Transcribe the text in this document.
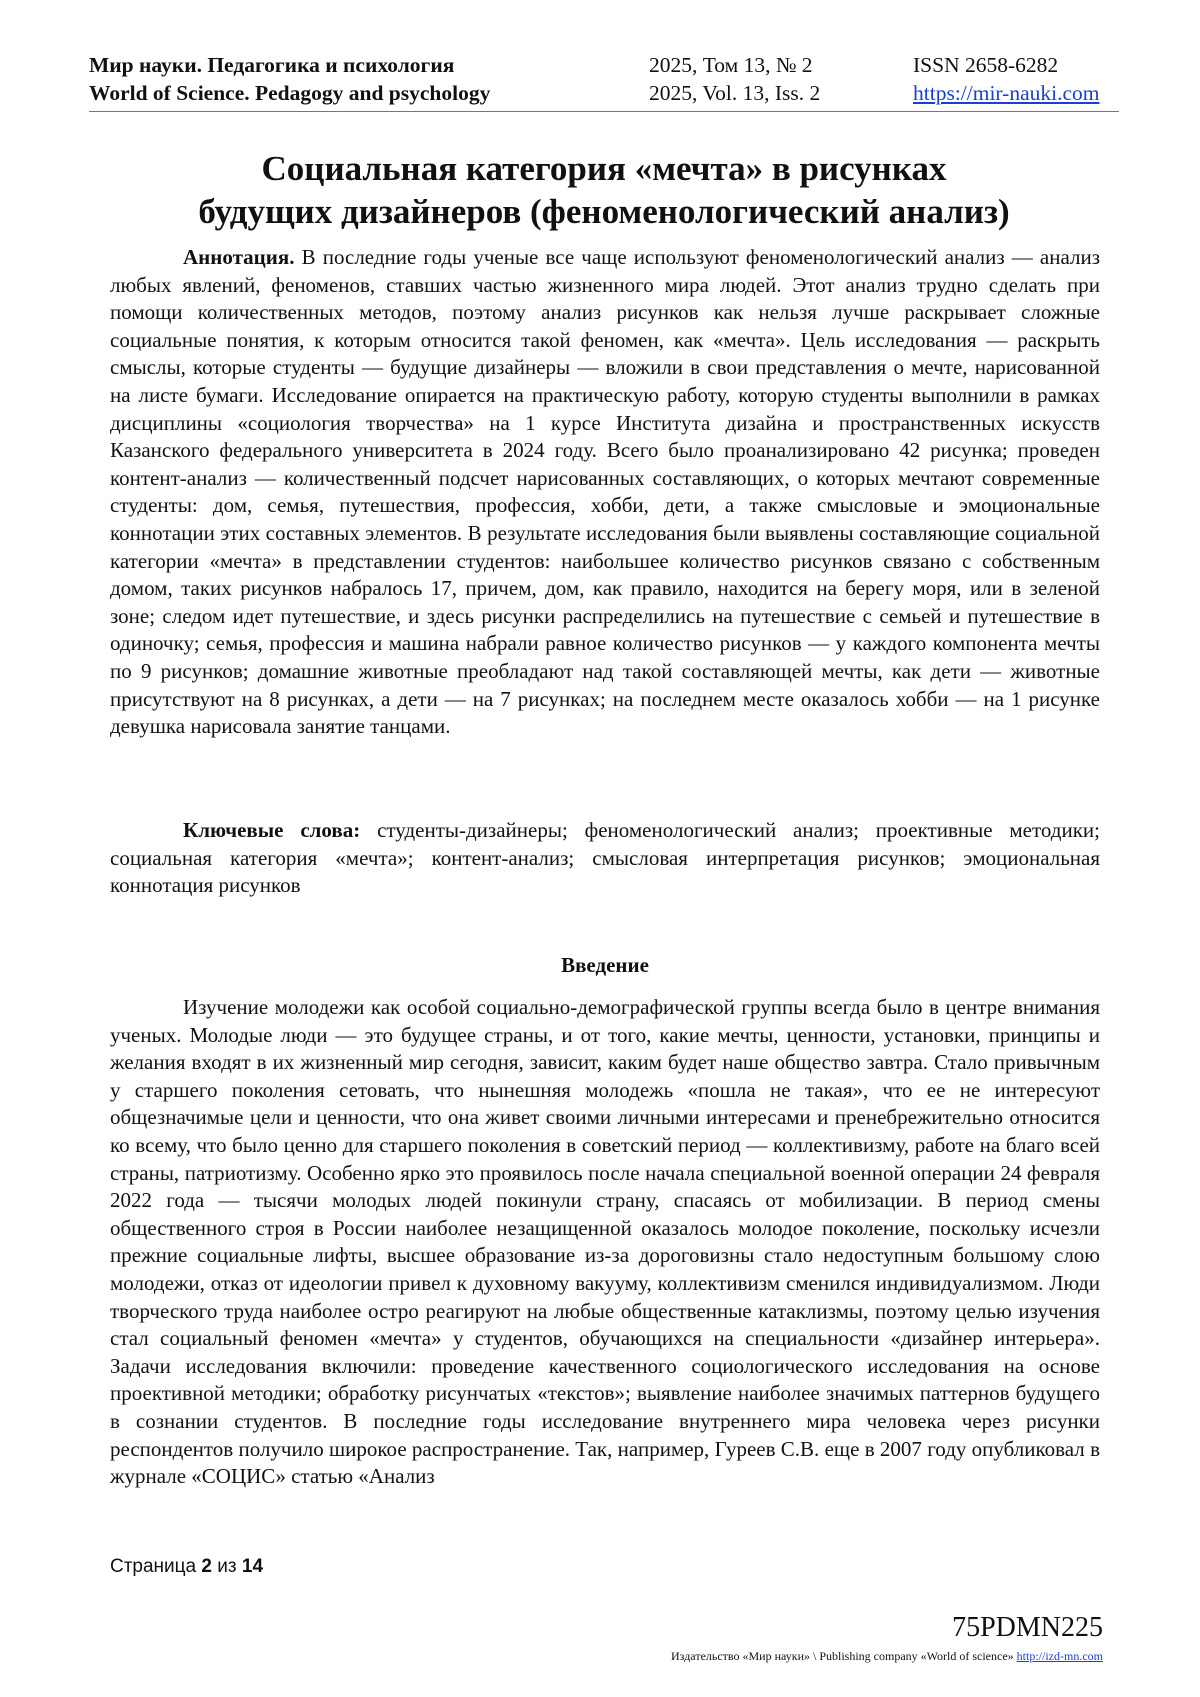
Мир науки. Педагогика и психология
World of Science. Pedagogy and psychology
2025, Том 13, № 2
2025, Vol. 13, Iss. 2
ISSN 2658-6282
https://mir-nauki.com
Социальная категория «мечта» в рисунках
будущих дизайнеров (феноменологический анализ)
Аннотация. В последние годы ученые все чаще используют феноменологический анализ — анализ любых явлений, феноменов, ставших частью жизненного мира людей. Этот анализ трудно сделать при помощи количественных методов, поэтому анализ рисунков как нельзя лучше раскрывает сложные социальные понятия, к которым относится такой феномен, как «мечта». Цель исследования — раскрыть смыслы, которые студенты — будущие дизайнеры — вложили в свои представления о мечте, нарисованной на листе бумаги. Исследование опирается на практическую работу, которую студенты выполнили в рамках дисциплины «социология творчества» на 1 курсе Института дизайна и пространственных искусств Казанского федерального университета в 2024 году. Всего было проанализировано 42 рисунка; проведен контент-анализ — количественный подсчет нарисованных составляющих, о которых мечтают современные студенты: дом, семья, путешествия, профессия, хобби, дети, а также смысловые и эмоциональные коннотации этих составных элементов. В результате исследования были выявлены составляющие социальной категории «мечта» в представлении студентов: наибольшее количество рисунков связано с собственным домом, таких рисунков набралось 17, причем, дом, как правило, находится на берегу моря, или в зеленой зоне; следом идет путешествие, и здесь рисунки распределились на путешествие с семьей и путешествие в одиночку; семья, профессия и машина набрали равное количество рисунков — у каждого компонента мечты по 9 рисунков; домашние животные преобладают над такой составляющей мечты, как дети — животные присутствуют на 8 рисунках, а дети — на 7 рисунках; на последнем месте оказалось хобби — на 1 рисунке девушка нарисовала занятие танцами.
Ключевые слова: студенты-дизайнеры; феноменологический анализ; проективные методики; социальная категория «мечта»; контент-анализ; смысловая интерпретация рисунков; эмоциональная коннотация рисунков
Введение
Изучение молодежи как особой социально-демографической группы всегда было в центре внимания ученых. Молодые люди — это будущее страны, и от того, какие мечты, ценности, установки, принципы и желания входят в их жизненный мир сегодня, зависит, каким будет наше общество завтра. Стало привычным у старшего поколения сетовать, что нынешняя молодежь «пошла не такая», что ее не интересуют общезначимые цели и ценности, что она живет своими личными интересами и пренебрежительно относится ко всему, что было ценно для старшего поколения в советский период — коллективизму, работе на благо всей страны, патриотизму. Особенно ярко это проявилось после начала специальной военной операции 24 февраля 2022 года — тысячи молодых людей покинули страну, спасаясь от мобилизации. В период смены общественного строя в России наиболее незащищенной оказалось молодое поколение, поскольку исчезли прежние социальные лифты, высшее образование из-за дороговизны стало недоступным большому слою молодежи, отказ от идеологии привел к духовному вакууму, коллективизм сменился индивидуализмом. Люди творческого труда наиболее остро реагируют на любые общественные катаклизмы, поэтому целью изучения стал социальный феномен «мечта» у студентов, обучающихся на специальности «дизайнер интерьера». Задачи исследования включили: проведение качественного социологического исследования на основе проективной методики; обработку рисунчатых «текстов»; выявление наиболее значимых паттернов будущего в сознании студентов. В последние годы исследование внутреннего мира человека через рисунки респондентов получило широкое распространение. Так, например, Гуреев С.В. еще в 2007 году опубликовал в журнале «СОЦИС» статью «Анализ
Страница 2 из 14
75PDMN225
Издательство «Мир науки» \ Publishing company «World of science» http://izd-mn.com
